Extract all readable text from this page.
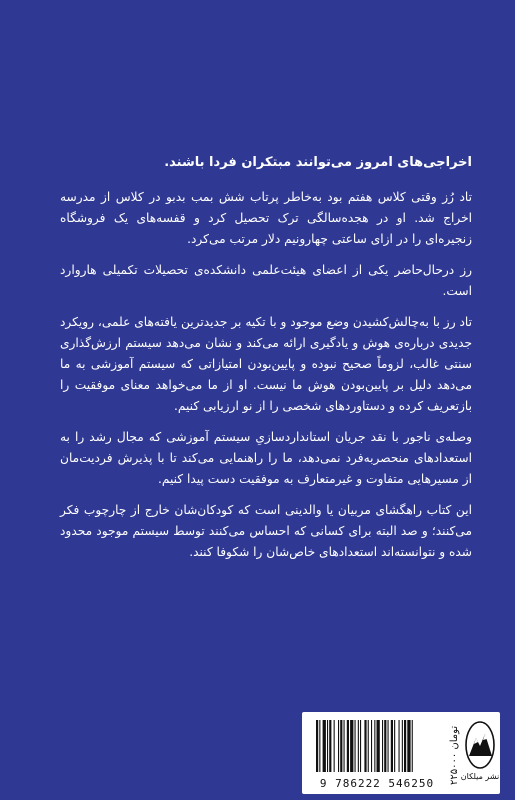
اخراجی‌های امروز می‌توانند مبتکران فردا باشند.

تاد رُز وقتی کلاس هفتم بود به‌خاطر پرتاب شش بمب بدبو در کلاس از مدرسه اخراج شد. او در هجده‌سالگی ترک تحصیل کرد و قفسه‌های یک فروشگاه زنجیره‌ای را در ازای ساعتی چهارونیم دلار مرتب می‌کرد.

رز درحال‌حاضر یکی از اعضای هیئت‌علمی دانشکده‌ی تحصیلات تکمیلی هاروارد است.

تاد رز با به‌چالش‌کشیدن وضع موجود و با تکیه بر جدیدترین یافته‌های علمی، رویکرد جدیدی درباره‌ی هوش و یادگیری ارائه می‌کند و نشان می‌دهد سیستم ارزش‌گذاری سنتی غالب، لزوماً صحیح نبوده و پایین‌بودن امتیازاتی که سیستم آموزشی به ما می‌دهد دلیل بر پایین‌بودن هوش ما نیست. او از ما می‌خواهد معنای موفقیت را بازتعریف کرده و دستاوردهای شخصی را از نو ارزیابی کنیم.

وصله‌ی ناجور با نقد جریان استانداردسازیِ سیستم آموزشی که مجال رشد را به استعدادهای منحصربه‌فرد نمی‌دهد، ما را راهنمایی می‌کند تا با پذیرش فردیت‌مان از مسیرهایی متفاوت و غیرمتعارف به موفقیت دست پیدا کنیم.

این کتاب راهگشای مربیان یا والدینی است که کودکان‌شان خارج از چارچوب فکر می‌کنند؛ و صد البته برای کسانی که احساس می‌کنند توسط سیستم موجود محدود شده و نتوانسته‌اند استعدادهای خاص‌شان را شکوفا کنند.

9 786222 546250	۲۲۵۰۰۰ تومان
نشر میلکان
